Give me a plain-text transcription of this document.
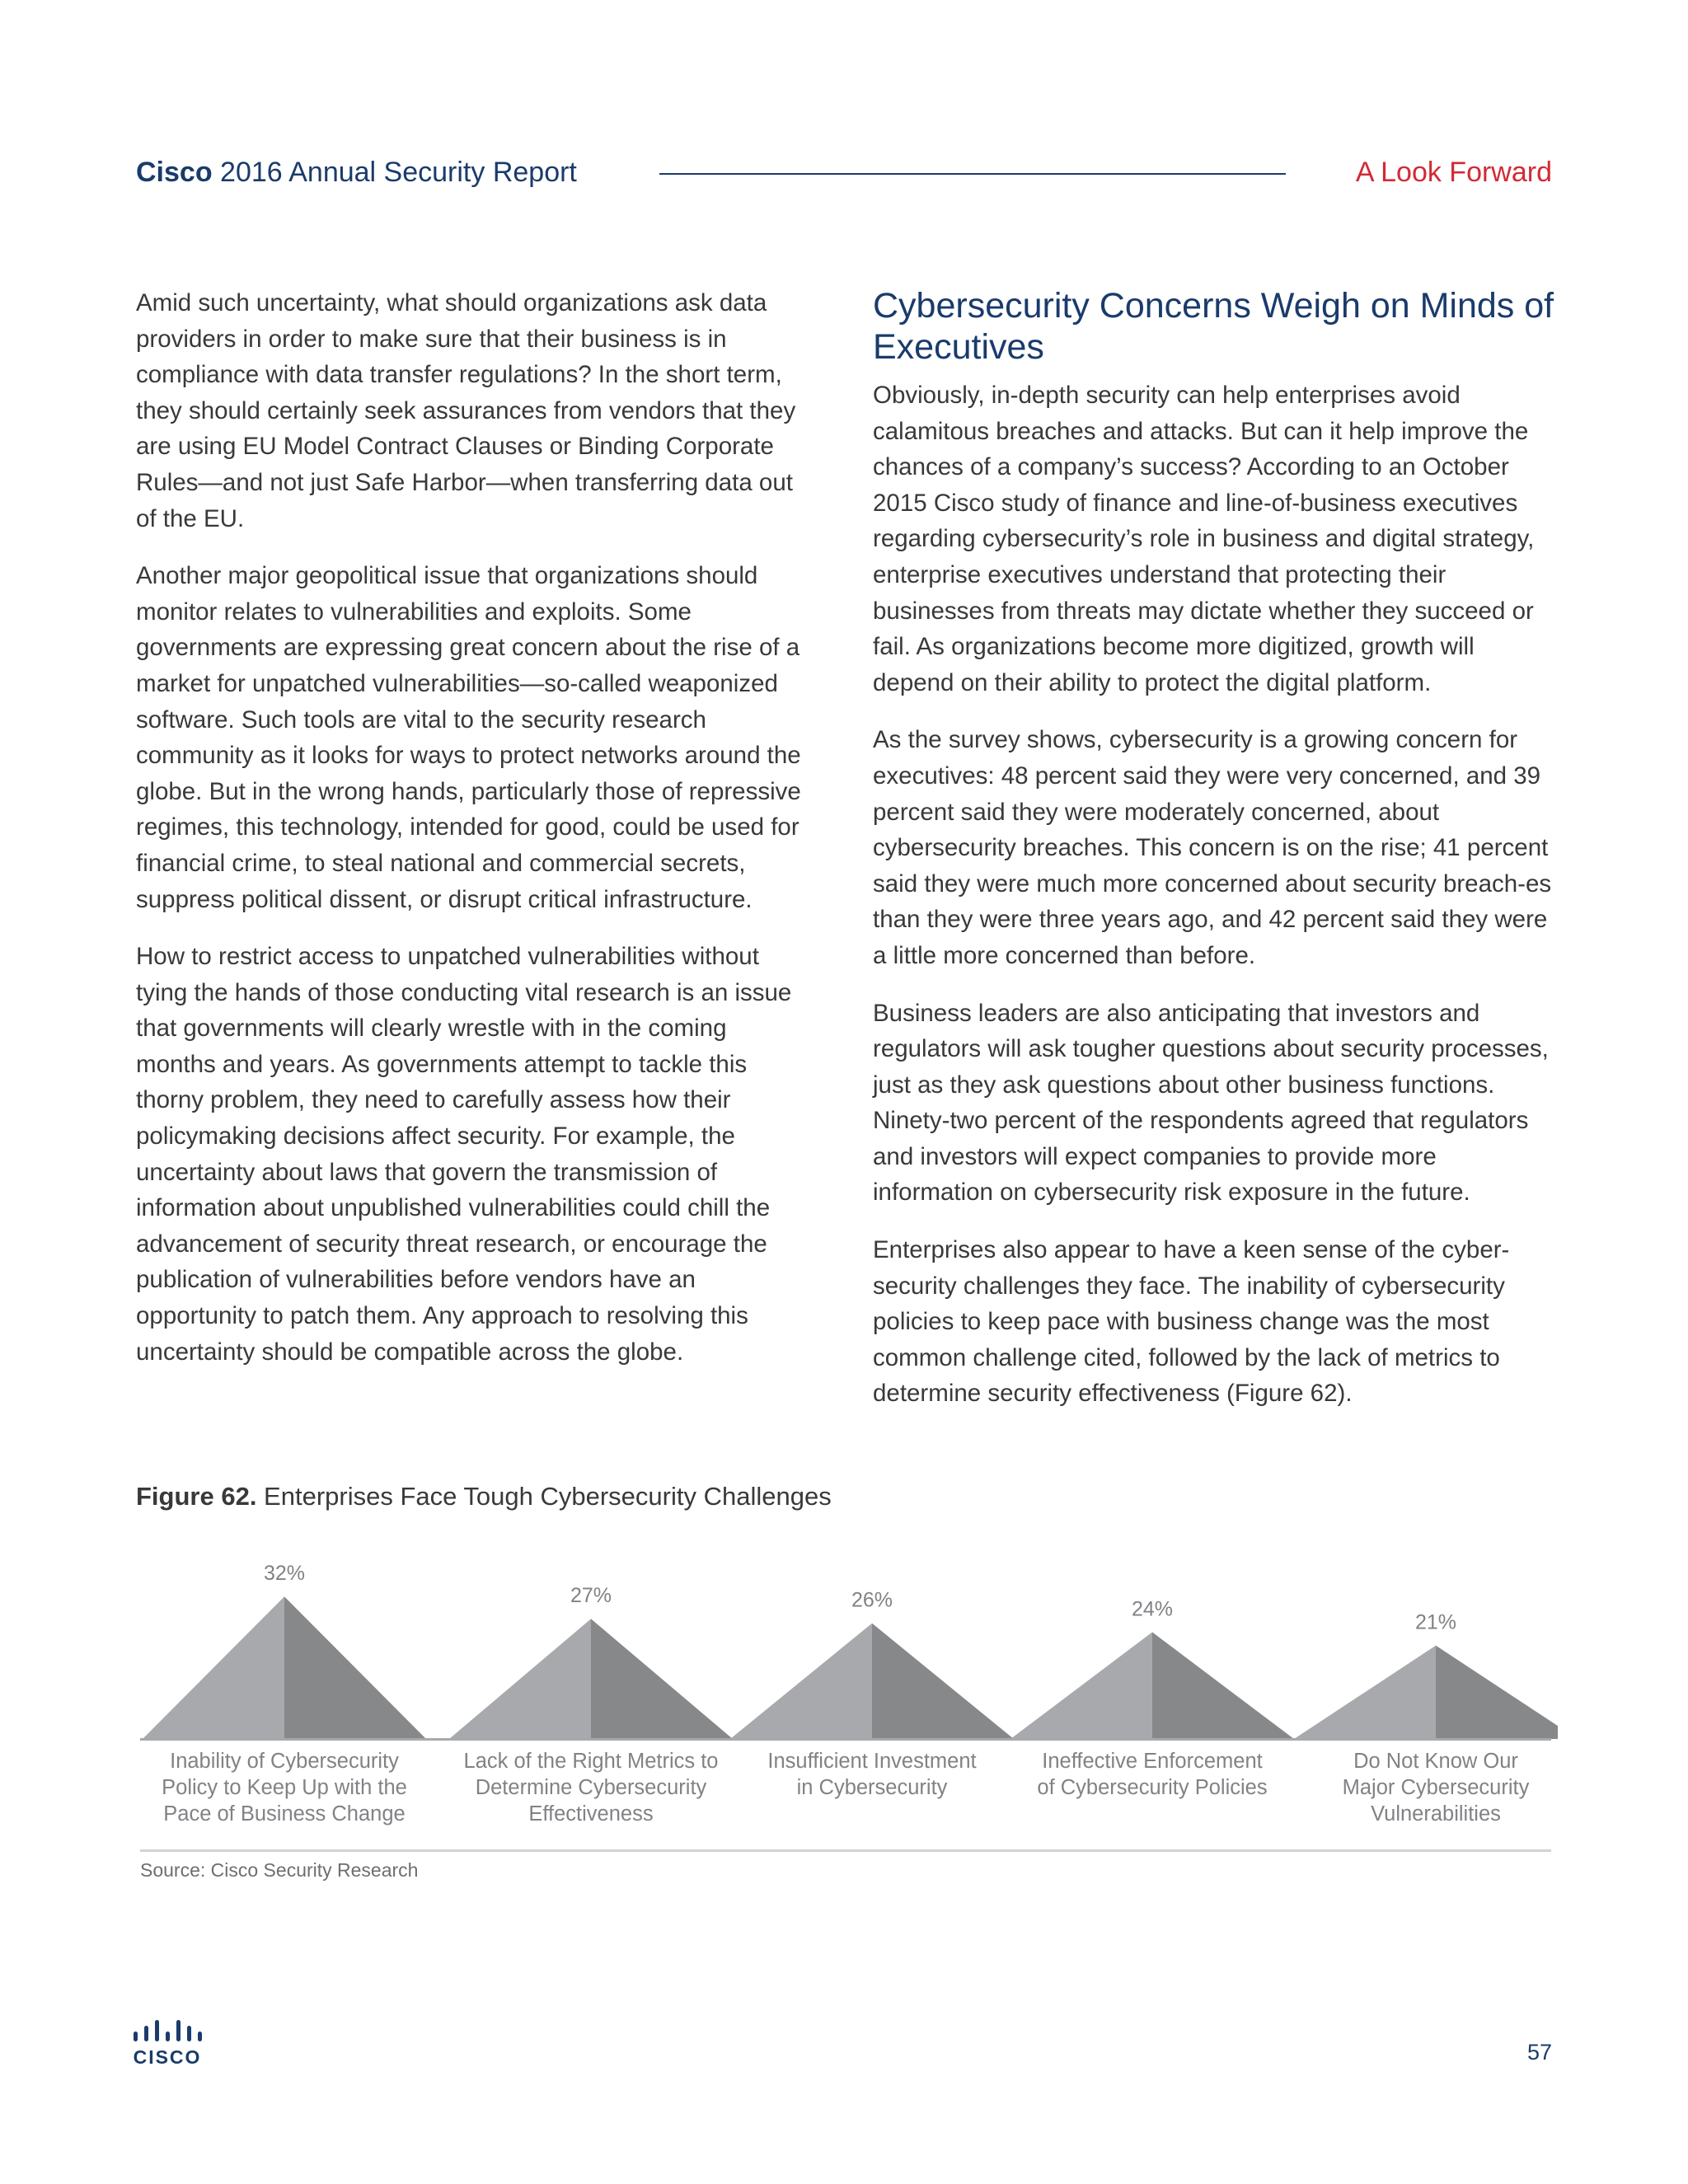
Cisco 2016 Annual Security Report	A Look Forward

Amid such uncertainty, what should organizations ask data providers in order to make sure that their business is in compliance with data transfer regulations? In the short term, they should certainly seek assurances from vendors that they are using EU Model Contract Clauses or Binding Corporate Rules—and not just Safe Harbor—when transferring data out of the EU.

Another major geopolitical issue that organizations should monitor relates to vulnerabilities and exploits. Some governments are expressing great concern about the rise of a market for unpatched vulnerabilities—so-called weaponized software. Such tools are vital to the security research community as it looks for ways to protect networks around the globe. But in the wrong hands, particularly those of repressive regimes, this technology, intended for good, could be used for financial crime, to steal national and commercial secrets, suppress political dissent, or disrupt critical infrastructure.

How to restrict access to unpatched vulnerabilities without tying the hands of those conducting vital research is an issue that governments will clearly wrestle with in the coming months and years. As governments attempt to tackle this thorny problem, they need to carefully assess how their policymaking decisions affect security. For example, the uncertainty about laws that govern the transmission of information about unpublished vulnerabilities could chill the advancement of security threat research, or encourage the publication of vulnerabilities before vendors have an opportunity to patch them. Any approach to resolving this uncertainty should be compatible across the globe.

Cybersecurity Concerns Weigh on Minds of Executives

Obviously, in-depth security can help enterprises avoid calamitous breaches and attacks. But can it help improve the chances of a company’s success? According to an October 2015 Cisco study of finance and line-of-business executives regarding cybersecurity’s role in business and digital strategy, enterprise executives understand that protecting their businesses from threats may dictate whether they succeed or fail. As organizations become more digitized, growth will depend on their ability to protect the digital platform.

As the survey shows, cybersecurity is a growing concern for executives: 48 percent said they were very concerned, and 39 percent said they were moderately concerned, about cybersecurity breaches. This concern is on the rise; 41 percent said they were much more concerned about security breach-es than they were three years ago, and 42 percent said they were a little more concerned than before.

Business leaders are also anticipating that investors and regulators will ask tougher questions about security processes, just as they ask questions about other business functions. Ninety-two percent of the respondents agreed that regulators and investors will expect companies to provide more information on cybersecurity risk exposure in the future.

Enterprises also appear to have a keen sense of the cyber-security challenges they face. The inability of cybersecurity policies to keep pace with business change was the most common challenge cited, followed by the lack of metrics to determine security effectiveness (Figure 62).

Figure 62. Enterprises Face Tough Cybersecurity Challenges
32%
Inability of Cybersecurity
Policy to Keep Up with the
Pace of Business Change
27%
Lack of the Right Metrics to
Determine Cybersecurity
Effectiveness
26%
Insufficient Investment
in Cybersecurity
24%
Ineffective Enforcement
of Cybersecurity Policies
21%
Do Not Know Our
Major Cybersecurity
Vulnerabilities
Source: Cisco Security Research
CISCO	57
